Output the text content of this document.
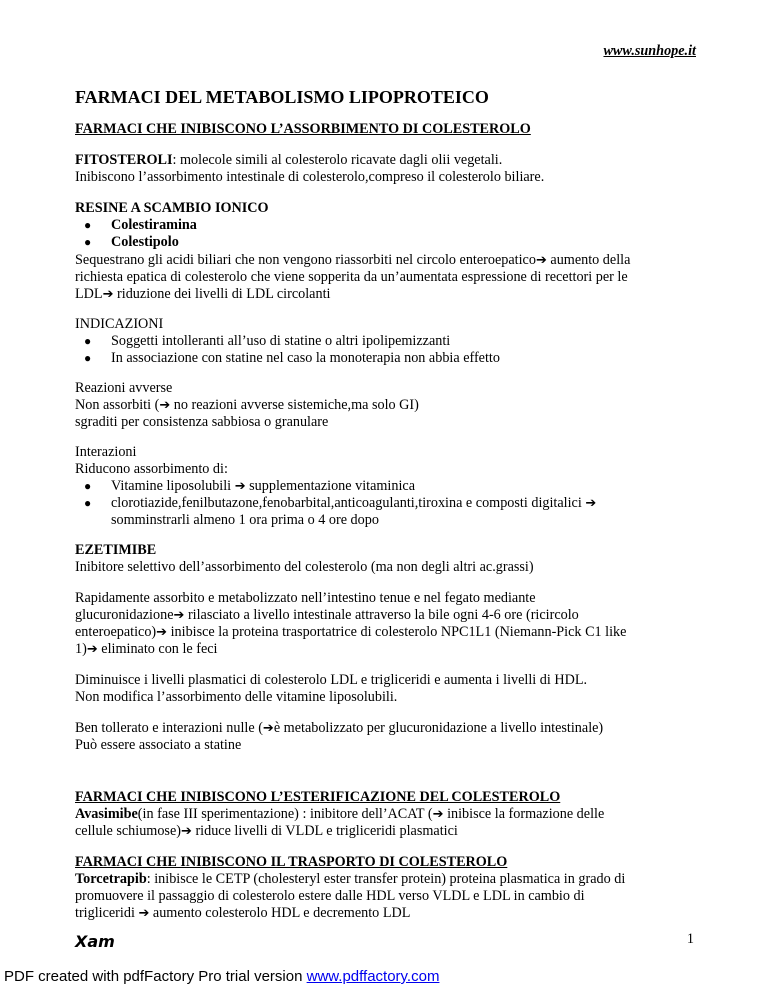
www.sunhope.it
FARMACI DEL METABOLISMO LIPOPROTEICO
FARMACI CHE INIBISCONO L’ASSORBIMENTO DI COLESTEROLO
FITOSTEROLI: molecole simili al colesterolo ricavate dagli olii vegetali.
Inibiscono l’assorbimento intestinale di colesterolo,compreso il colesterolo biliare.
RESINE A SCAMBIO IONICO
● Colestiramina
● Colestipolo
Sequestrano gli acidi biliari che non vengono riassorbiti nel circolo enteroepatico➔ aumento della
richiesta epatica di colesterolo che viene sopperita da un’aumentata espressione di recettori per le
LDL➔ riduzione dei livelli di LDL circolanti
INDICAZIONI
● Soggetti intolleranti all’uso di statine o altri ipolipemizzanti
● In associazione con statine nel caso la monoterapia non abbia effetto
Reazioni avverse
Non assorbiti (➔ no reazioni avverse sistemiche,ma solo GI)
sgraditi per consistenza sabbiosa o granulare
Interazioni
Riducono assorbimento di:
● Vitamine liposolubili ➔ supplementazione vitaminica
● clorotiazide,fenilbutazone,fenobarbital,anticoagulanti,tiroxina e composti digitalici ➔
somminstrarli almeno 1 ora prima o 4 ore dopo
EZETIMIBE
Inibitore selettivo dell’assorbimento del colesterolo (ma non degli altri ac.grassi)
Rapidamente assorbito e metabolizzato nell’intestino tenue e nel fegato mediante
glucuronidazione➔ rilasciato a livello intestinale attraverso la bile ogni 4-6 ore (ricircolo
enteroepatico)➔ inibisce la proteina trasportatrice di colesterolo NPC1L1 (Niemann-Pick C1 like
1)➔ eliminato con le feci
Diminuisce i livelli plasmatici di colesterolo LDL e trigliceridi e aumenta i livelli di HDL.
Non modifica l’assorbimento delle vitamine liposolubili.
Ben tollerato e interazioni nulle (➔è metabolizzato per glucuronidazione a livello intestinale)
Può essere associato a statine
FARMACI CHE INIBISCONO L’ESTERIFICAZIONE DEL COLESTEROLO
Avasimibe(in fase III sperimentazione) : inibitore dell’ACAT (➔ inibisce la formazione delle
cellule schiumose)➔ riduce livelli di VLDL e trigliceridi plasmatici
FARMACI CHE INIBISCONO IL TRASPORTO DI COLESTEROLO
Torcetrapib: inibisce le CETP (cholesteryl ester transfer protein) proteina plasmatica in grado di
promuovere il passaggio di colesterolo estere dalle HDL verso VLDL e LDL in cambio di
trigliceridi ➔ aumento colesterolo HDL e decremento LDL
Xam	1
PDF created with pdfFactory Pro trial version www.pdffactory.com
